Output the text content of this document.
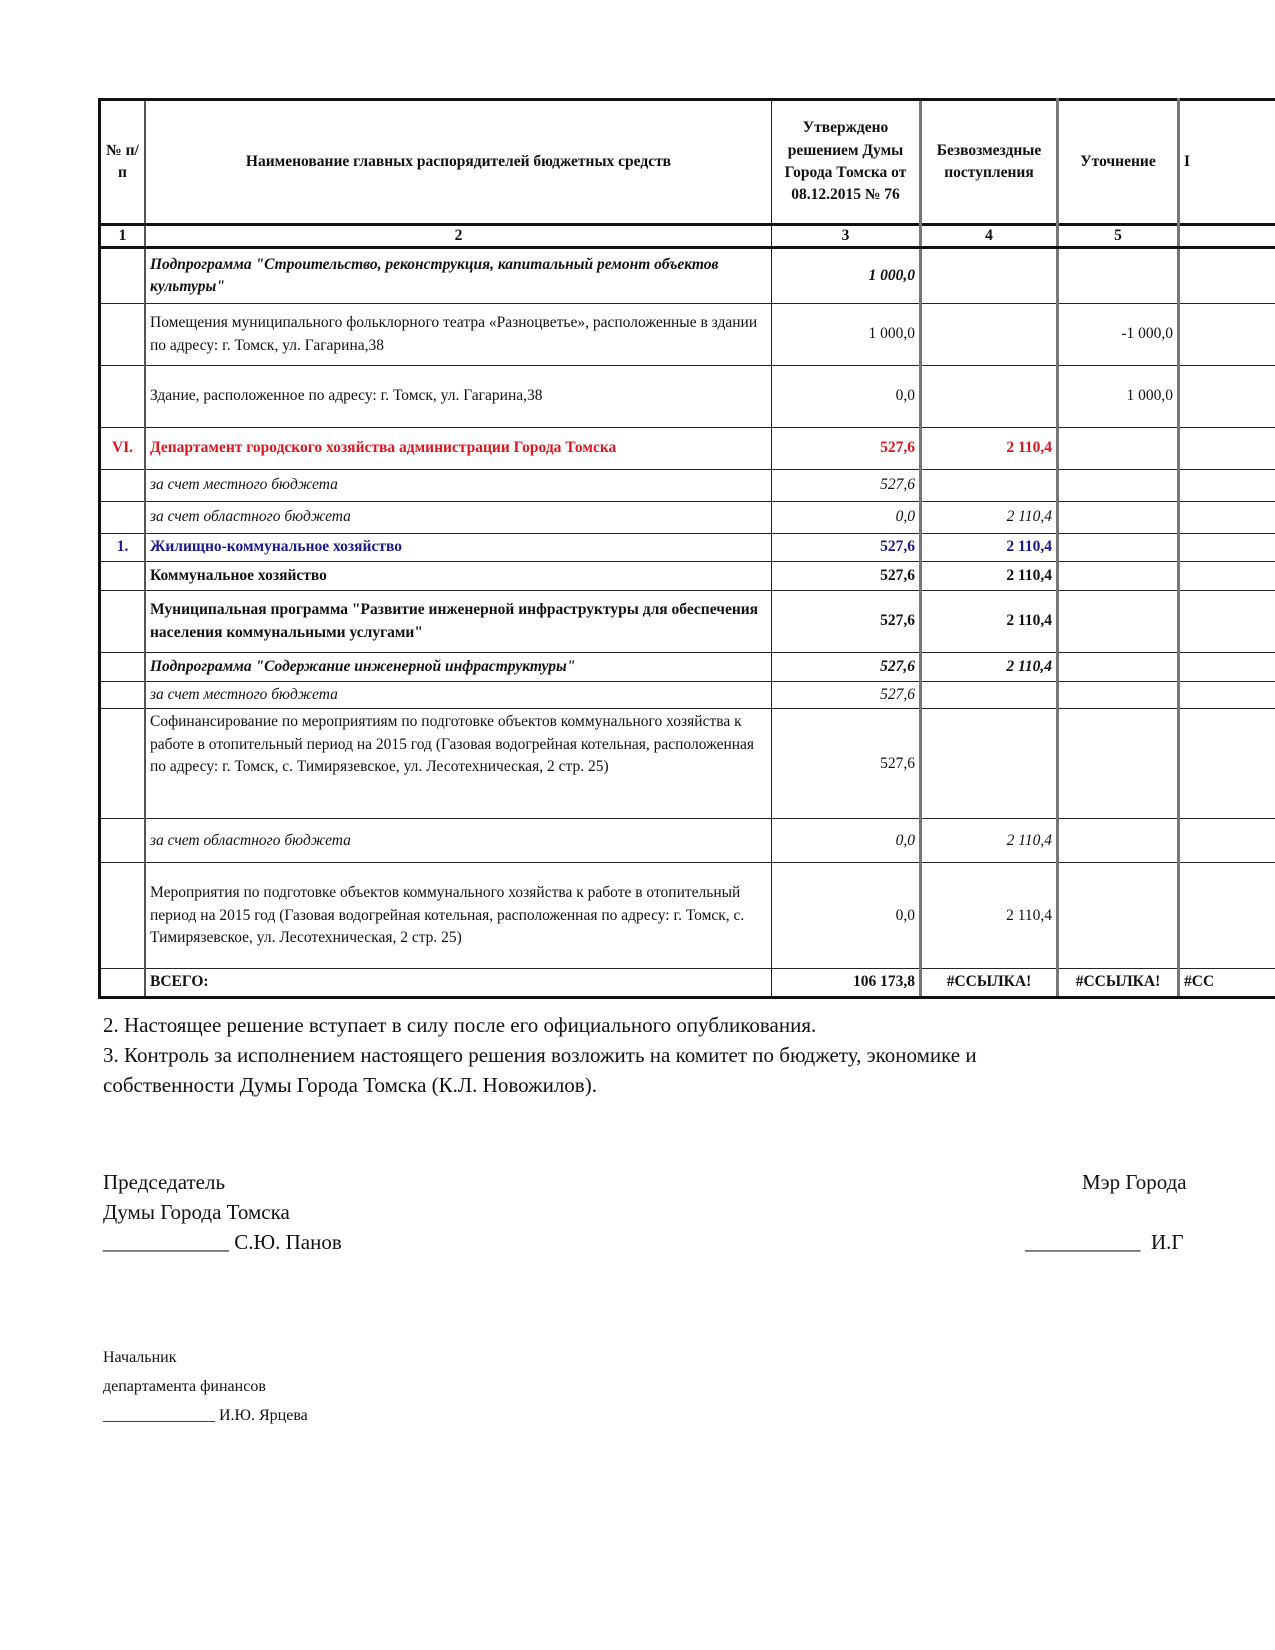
№ п/п	Наименование главных распорядителей бюджетных средств	Утверждено решением Думы Города Томска от 08.12.2015 № 76	Безвозмездные поступления	Уточнение	I
1	2	3	4	5	
	Подпрограмма "Строительство, реконструкция, капитальный ремонт объектов культуры"	1 000,0			
	Помещения муниципального фольклорного театра «Разноцветье», расположенные в здании по адресу: г. Томск, ул. Гагарина,38	1 000,0		-1 000,0	
	Здание, расположенное по адресу: г. Томск, ул. Гагарина,38	0,0		1 000,0	
VI.	Департамент городского хозяйства администрации Города Томска	527,6	2 110,4		
	за счет местного бюджета	527,6			
	за счет областного бюджета	0,0	2 110,4		
1.	Жилищно-коммунальное хозяйство	527,6	2 110,4		
	Коммунальное хозяйство	527,6	2 110,4		
	Муниципальная программа "Развитие инженерной инфраструктуры для обеспечения населения коммунальными услугами"	527,6	2 110,4		
	Подпрограмма "Содержание инженерной инфраструктуры"	527,6	2 110,4		
	за счет местного бюджета	527,6			
	Софинансирование по мероприятиям по подготовке объектов коммунального хозяйства к работе в отопительный период на 2015 год (Газовая водогрейная котельная, расположенная по адресу: г. Томск, с. Тимирязевское, ул. Лесотехническая, 2 стр. 25)	527,6			
	за счет областного бюджета	0,0	2 110,4		
	Мероприятия по подготовке объектов коммунального хозяйства к работе в отопительный период на 2015 год (Газовая водогрейная котельная, расположенная по адресу: г. Томск, с. Тимирязевское, ул. Лесотехническая, 2 стр. 25)	0,0	2 110,4		
	ВСЕГО:	106 173,8	#ССЫЛКА!	#ССЫЛКА!	#СС
2. Настоящее решение вступает в силу после его официального опубликования.
3. Контроль за исполнением настоящего решения возложить на комитет по бюджету, экономике и
собственности Думы Города Томска (К.Л. Новожилов).
Председатель
Думы Города Томска
____________ С.Ю. Панов
Мэр Города
___________  И.Г
Начальник
департамента финансов
______________ И.Ю. Ярцева
